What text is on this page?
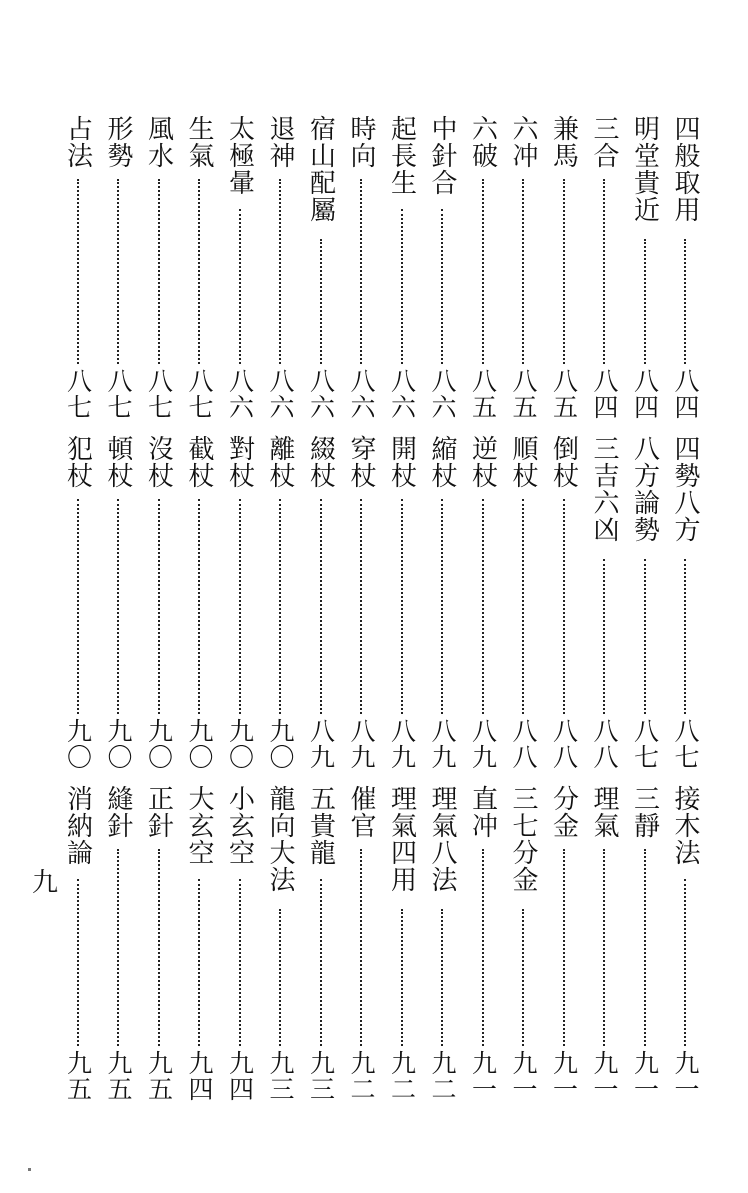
四般取用
八四
明堂貴近
八四
三合
八四
兼馬
八五
六冲
八五
六破
八五
中針合
八六
起長生
八六
時向
八六
宿山配屬
八六
退神
八六
太極暈
八六
生氣
八七
風水
八七
形勢
八七
占法
八七
四勢八方
八七
八方論勢
八七
三吉六凶
八八
倒杖
八八
順杖
八八
逆杖
八九
縮杖
八九
開杖
八九
穿杖
八九
綴杖
八九
離杖
九〇
對杖
九〇
截杖
九〇
沒杖
九〇
頓杖
九〇
犯杖
九〇
接木法
九一
三靜
九一
理氣
九一
分金
九一
三七分金
九一
直冲
九一
理氣八法
九二
理氣四用
九二
催官
九二
五貴龍
九三
龍向大法
九三
小玄空
九四
大玄空
九四
正針
九五
縫針
九五
消納論
九五
九
